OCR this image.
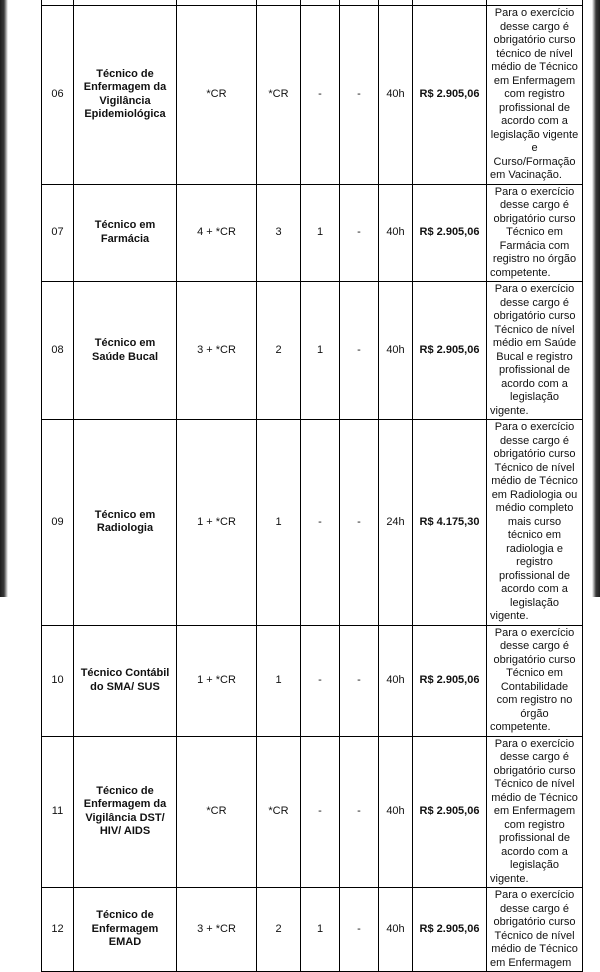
06	Técnico de
Enfermagem da
Vigilância
Epidemiológica	*CR	*CR	-	-	40h	R$ 2.905,06	Para o exercício desse cargo é obrigatório curso técnico de nível médio de Técnico em Enfermagem com registro profissional de acordo com a legislação vigente e Curso/Formação em Vacinação.

07	Técnico em
Farmácia	4 + *CR	3	1	-	40h	R$ 2.905,06	Para o exercício desse cargo é obrigatório curso Técnico em Farmácia com registro no órgão competente.

08	Técnico em
Saúde Bucal	3 + *CR	2	1	-	40h	R$ 2.905,06	Para o exercício desse cargo é obrigatório curso Técnico de nível médio em Saúde Bucal e registro profissional de acordo com a legislação vigente.

09	Técnico em
Radiologia	1 + *CR	1	-	-	24h	R$ 4.175,30	Para o exercício desse cargo é obrigatório curso Técnico de nível médio de Técnico em Radiologia ou médio completo mais curso técnico em radiologia e registro profissional de acordo com a legislação vigente.

10	Técnico Contábil
do SMA/ SUS	1 + *CR	1	-	-	40h	R$ 2.905,06	Para o exercício desse cargo é obrigatório curso Técnico em Contabilidade com registro no órgão competente.

11	Técnico de
Enfermagem da
Vigilância DST/
HIV/ AIDS	*CR	*CR	-	-	40h	R$ 2.905,06	Para o exercício desse cargo é obrigatório curso Técnico de nível médio de Técnico em Enfermagem com registro profissional de acordo com a legislação vigente.

12	Técnico de
Enfermagem
EMAD	3 + *CR	2	1	-	40h	R$ 2.905,06	Para o exercício desse cargo é obrigatório curso Técnico de nível médio de Técnico em Enfermagem
